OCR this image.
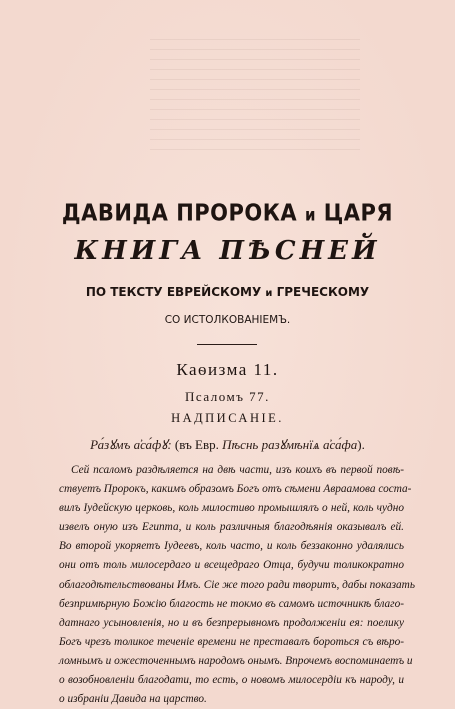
ДАВИДА ПРОРОКА и ЦАРЯ
КНИГА ПѢСНЕЙ
ПО ТЕКСТУ ЕВРЕЙСКОМУ и ГРЕЧЕСКОМУ
СО ИСТОЛКОВАНІЕМЪ.
Каѳизма 11.
Псаломъ 77.
НАДПИСАНІЕ.
Ра́зꙋмъ а҆са́фꙋ: (въ Евр. Пѣснь разꙋмѣнїѧ а҆са́фа).
Сей псаломъ раздѣляется на двѣ части, изъ коихъ въ первой повѣ-
ствуетъ Пророкъ, какимъ образомъ Богъ отъ сѣмени Авраамова соста-
вилъ Іудейскую церковь, коль милостиво промышлялъ о ней, коль чудно
извелъ оную изъ Египта, и коль различныя благодѣянія оказывалъ ей.
Во второй укоряетъ Іудеевъ, коль часто, и коль беззаконно удалялись
они отъ толь милосердаго и всещедраго Отца, будучи толикократно
облагодѣтельствованы Имъ. Сіе же того ради творитъ, дабы показать
безпримѣрную Божію благость не токмо въ самомъ источникѣ благо-
датнаго усыновленія, но и въ безпрерывномъ продолженіи ея: поелику
Богъ чрезъ толикое теченіе времени не преставалъ бороться съ вѣро-
ломнымъ и ожесточеннымъ народомъ онымъ. Впрочемъ воспоминаетъ и
о возобновленіи благодати, то есть, о новомъ милосердіи къ народу, и
о избраніи Давида на царство.
